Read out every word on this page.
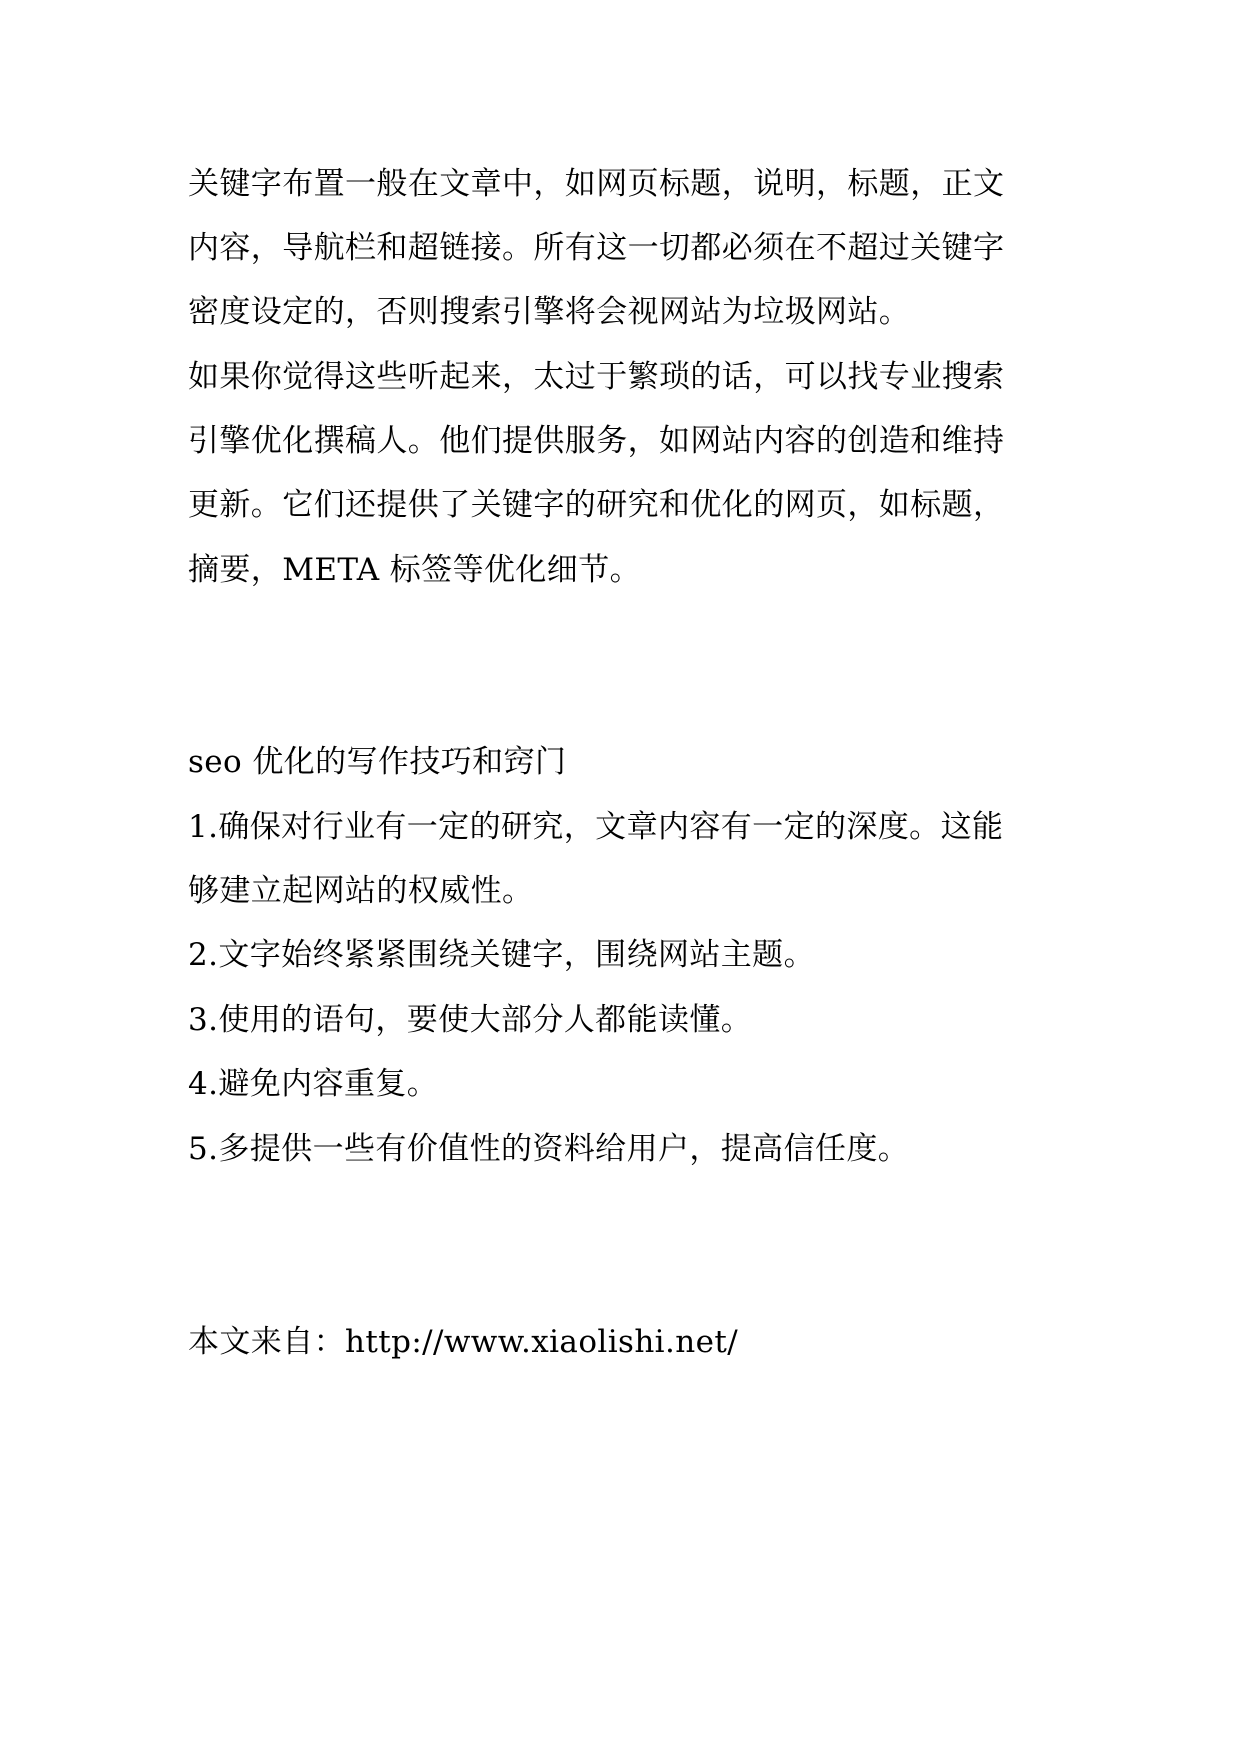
关键字布置一般在文章中，如网页标题，说明，标题，正文
内容，导航栏和超链接。所有这一切都必须在不超过关键字
密度设定的，否则搜索引擎将会视网站为垃圾网站。
如果你觉得这些听起来，太过于繁琐的话，可以找专业搜索
引擎优化撰稿人。他们提供服务，如网站内容的创造和维持
更新。它们还提供了关键字的研究和优化的网页，如标题，
摘要，META 标签等优化细节。
seo 优化的写作技巧和窍门
1.确保对行业有一定的研究，文章内容有一定的深度。这能
够建立起网站的权威性。
2.文字始终紧紧围绕关键字，围绕网站主题。
3.使用的语句，要使大部分人都能读懂。
4.避免内容重复。
5.多提供一些有价值性的资料给用户，提高信任度。
本文来自：http://www.xiaolishi.net/
